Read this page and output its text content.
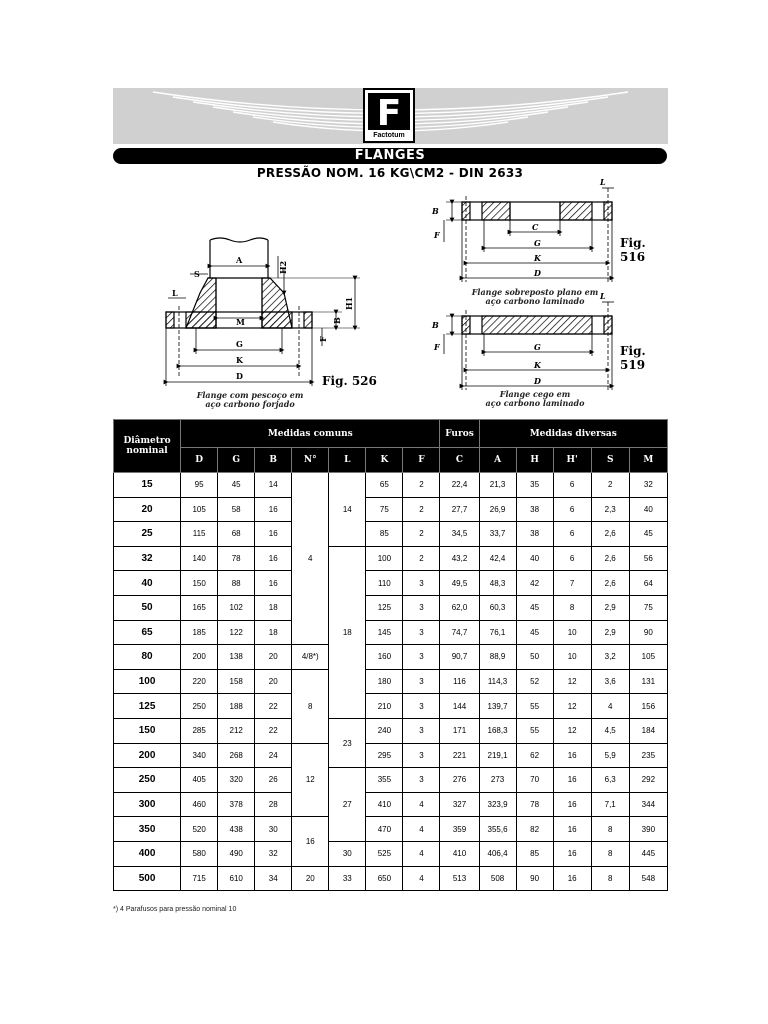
F
Factotum
FLANGES
PRESSÃO NOM. 16 KG\CM2 - DIN 2633
A
S	H2
H1
L
M
F
B
G
K
D
L
B
F
C
G
K
D
L
B
F	G
K
D
Fig. 526
Flange com pescoço em
aço carbono forjado
Fig. 516
Flange sobreposto plano em
aço carbono laminado
Fig. 519
Flange cego em
aço carbono laminado
Diâmetro nominal	Medidas comuns							Furos	Medidas diversas				
	D	G	B	N°	L	K	F	C	A	H	H'	S	M
15	95	45	14	4	14	65	2	22,4	21,3	35	6	2	32
20	105	58	16			75	2	27,7	26,9	38	6	2,3	40
25	115	68	16			85	2	34,5	33,7	38	6	2,6	45
32	140	78	16		18	100	2	43,2	42,4	40	6	2,6	56
40	150	88	16			110	3	49,5	48,3	42	7	2,6	64
50	165	102	18			125	3	62,0	60,3	45	8	2,9	75
65	185	122	18			145	3	74,7	76,1	45	10	2,9	90
80	200	138	20	4/8*)		160	3	90,7	88,9	50	10	3,2	105
100	220	158	20	8		180	3	116	114,3	52	12	3,6	131
125	250	188	22			210	3	144	139,7	55	12	4	156
150	285	212	22		23	240	3	171	168,3	55	12	4,5	184
200	340	268	24	12		295	3	221	219,1	62	16	5,9	235
250	405	320	26		27	355	3	276	273	70	16	6,3	292
300	460	378	28			410	4	327	323,9	78	16	7,1	344
350	520	438	30	16		470	4	359	355,6	82	16	8	390
400	580	490	32		30	525	4	410	406,4	85	16	8	445
500	715	610	34	20	33	650	4	513	508	90	16	8	548
*) 4 Parafusos para pressão nominal 10
